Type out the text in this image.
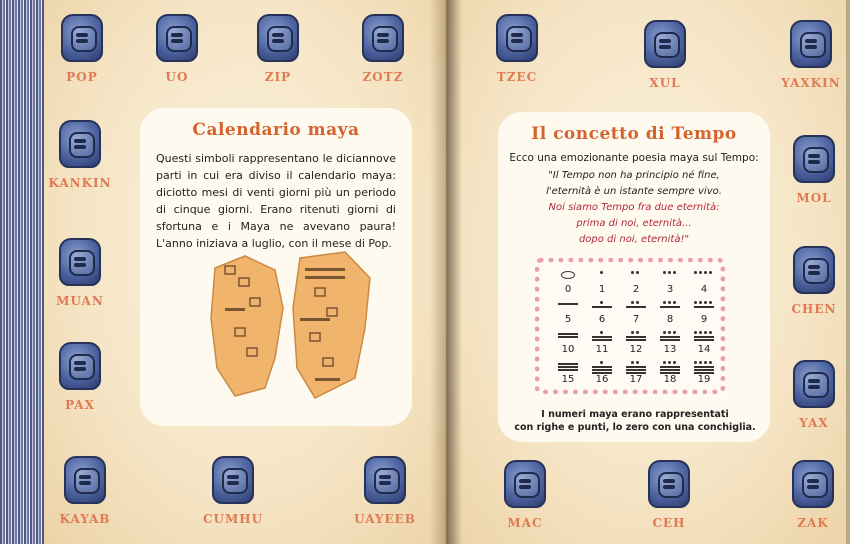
POP	UO	ZIP	ZOTZ
KANKIN
MUAN
PAX
KAYAB	CUMHU	UAYEEB
Calendario maya

Questi simboli rappresentano le diciannove parti in cui era diviso il calendario maya: diciotto mesi di venti giorni più un periodo di cinque giorni. Erano ritenuti giorni di sfortuna e i Maya ne avevano paura! L'anno iniziava a luglio, con il mese di Pop.

TZEC	XUL	YAXKIN
MOL
CHEN
YAX
MAC	CEH	ZAK
Il concetto di Tempo
Ecco una emozionante poesia maya sul Tempo:
"Il Tempo non ha principio né fine,
l'eternità è un istante sempre vivo.
Noi siamo Tempo fra due eternità:
prima di noi, eternità...
dopo di noi, eternità!"
0	1	2	3	4
5	6	7	8	9
10	11	12	13	14
15	16	17	18	19
I numeri maya erano rappresentati
con righe e punti, lo zero con una conchiglia.
